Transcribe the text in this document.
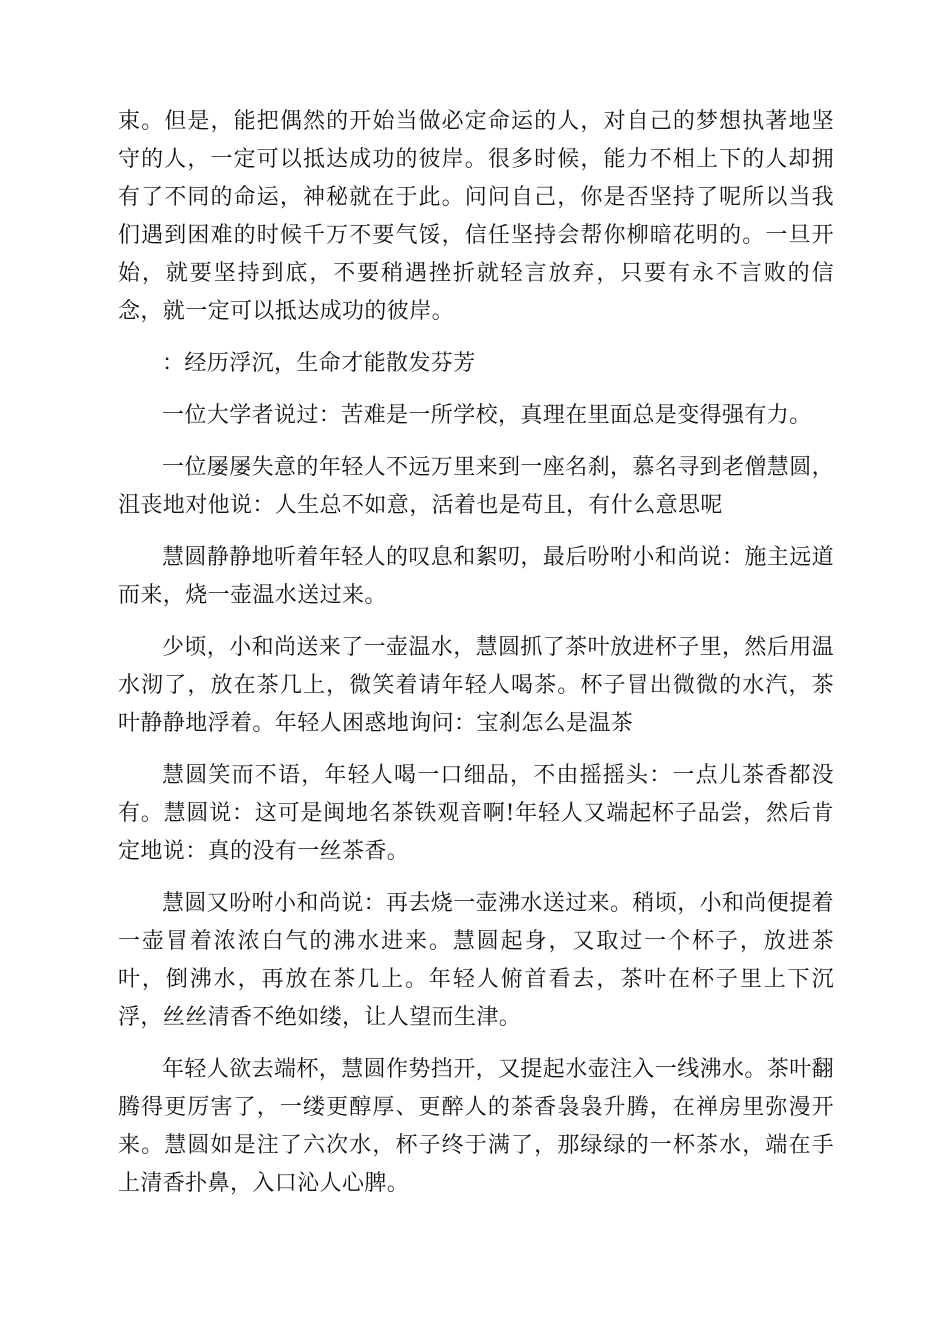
束。但是，能把偶然的开始当做必定命运的人，对自己的梦想执著地坚守的人，一定可以抵达成功的彼岸。很多时候，能力不相上下的人却拥有了不同的命运，神秘就在于此。问问自己，你是否坚持了呢所以当我们遇到困难的时候千万不要气馁，信任坚持会帮你柳暗花明的。一旦开始，就要坚持到底，不要稍遇挫折就轻言放弃，只要有永不言败的信念，就一定可以抵达成功的彼岸。

：经历浮沉，生命才能散发芬芳

一位大学者说过：苦难是一所学校，真理在里面总是变得强有力。

一位屡屡失意的年轻人不远万里来到一座名刹，慕名寻到老僧慧圆，沮丧地对他说：人生总不如意，活着也是苟且，有什么意思呢

慧圆静静地听着年轻人的叹息和絮叨，最后吩咐小和尚说：施主远道而来，烧一壶温水送过来。

少顷，小和尚送来了一壶温水，慧圆抓了茶叶放进杯子里，然后用温水沏了，放在茶几上，微笑着请年轻人喝茶。杯子冒出微微的水汽，茶叶静静地浮着。年轻人困惑地询问：宝刹怎么是温茶

慧圆笑而不语，年轻人喝一口细品，不由摇摇头：一点儿茶香都没有。慧圆说：这可是闽地名茶铁观音啊!年轻人又端起杯子品尝，然后肯定地说：真的没有一丝茶香。

慧圆又吩咐小和尚说：再去烧一壶沸水送过来。稍顷，小和尚便提着一壶冒着浓浓白气的沸水进来。慧圆起身，又取过一个杯子，放进茶叶，倒沸水，再放在茶几上。年轻人俯首看去，茶叶在杯子里上下沉浮，丝丝清香不绝如缕，让人望而生津。

年轻人欲去端杯，慧圆作势挡开，又提起水壶注入一线沸水。茶叶翻腾得更厉害了，一缕更醇厚、更醉人的茶香袅袅升腾，在禅房里弥漫开来。慧圆如是注了六次水，杯子终于满了，那绿绿的一杯茶水，端在手上清香扑鼻，入口沁人心脾。
